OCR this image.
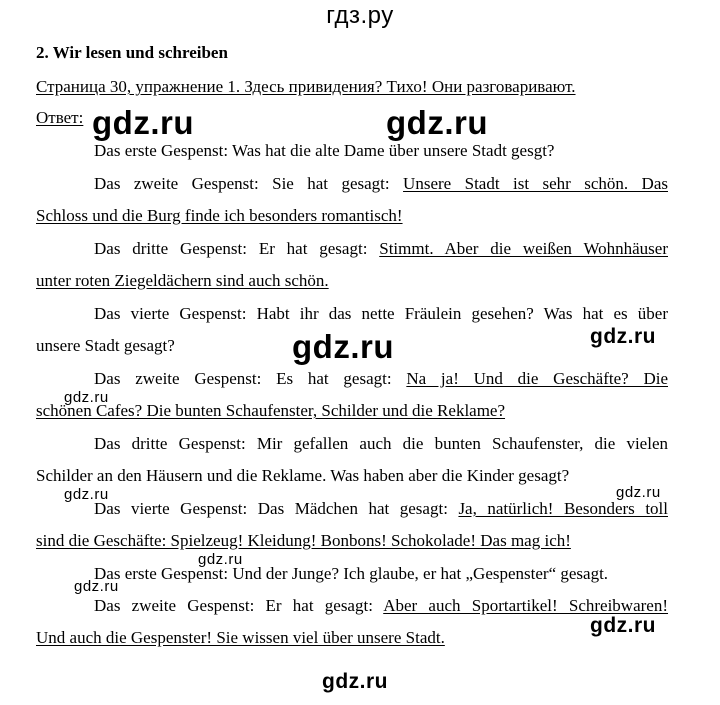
гдз.ру
2. Wir lesen und schreiben
Страница 30, упражнение 1. Здесь привидения? Тихо! Они разговаривают.
Ответ:
Das erste Gespenst: Was hat die alte Dame über unsere Stadt gesgt?
Das zweite Gespenst: Sie hat gesagt: Unsere Stadt ist sehr schön. Das
Schloss und die Burg finde ich besonders romantisch!
Das dritte Gespenst: Er hat gesagt: Stimmt. Aber die weißen Wohnhäuser
unter roten Ziegeldächern sind auch schön.
Das vierte Gespenst: Habt ihr das nette Fräulein gesehen? Was hat es über
unsere Stadt gesagt?
Das zweite Gespenst: Es hat gesagt: Na ja! Und die Geschäfte? Die
schönen Cafes? Die bunten Schaufenster, Schilder und die Reklame?
Das dritte Gespenst: Mir gefallen auch die bunten Schaufenster, die vielen
Schilder an den Häusern und die Reklame. Was haben aber die Kinder gesagt?
Das vierte Gespenst: Das Mädchen hat gesagt: Ja, natürlich! Besonders toll
sind die Geschäfte: Spielzeug! Kleidung! Bonbons! Schokolade! Das mag ich!
Das erste Gespenst: Und der Junge? Ich glaube, er hat „Gespenster“ gesagt.
Das zweite Gespenst: Er hat gesagt: Aber auch Sportartikel! Schreibwaren!
Und auch die Gespenster! Sie wissen viel über unsere Stadt.
gdz.ru	gdz.ru
gdz.ru	gdz.ru
gdz.ru
gdz.ru	gdz.ru
gdz.ru
gdz.ru
gdz.ru
gdz.ru
